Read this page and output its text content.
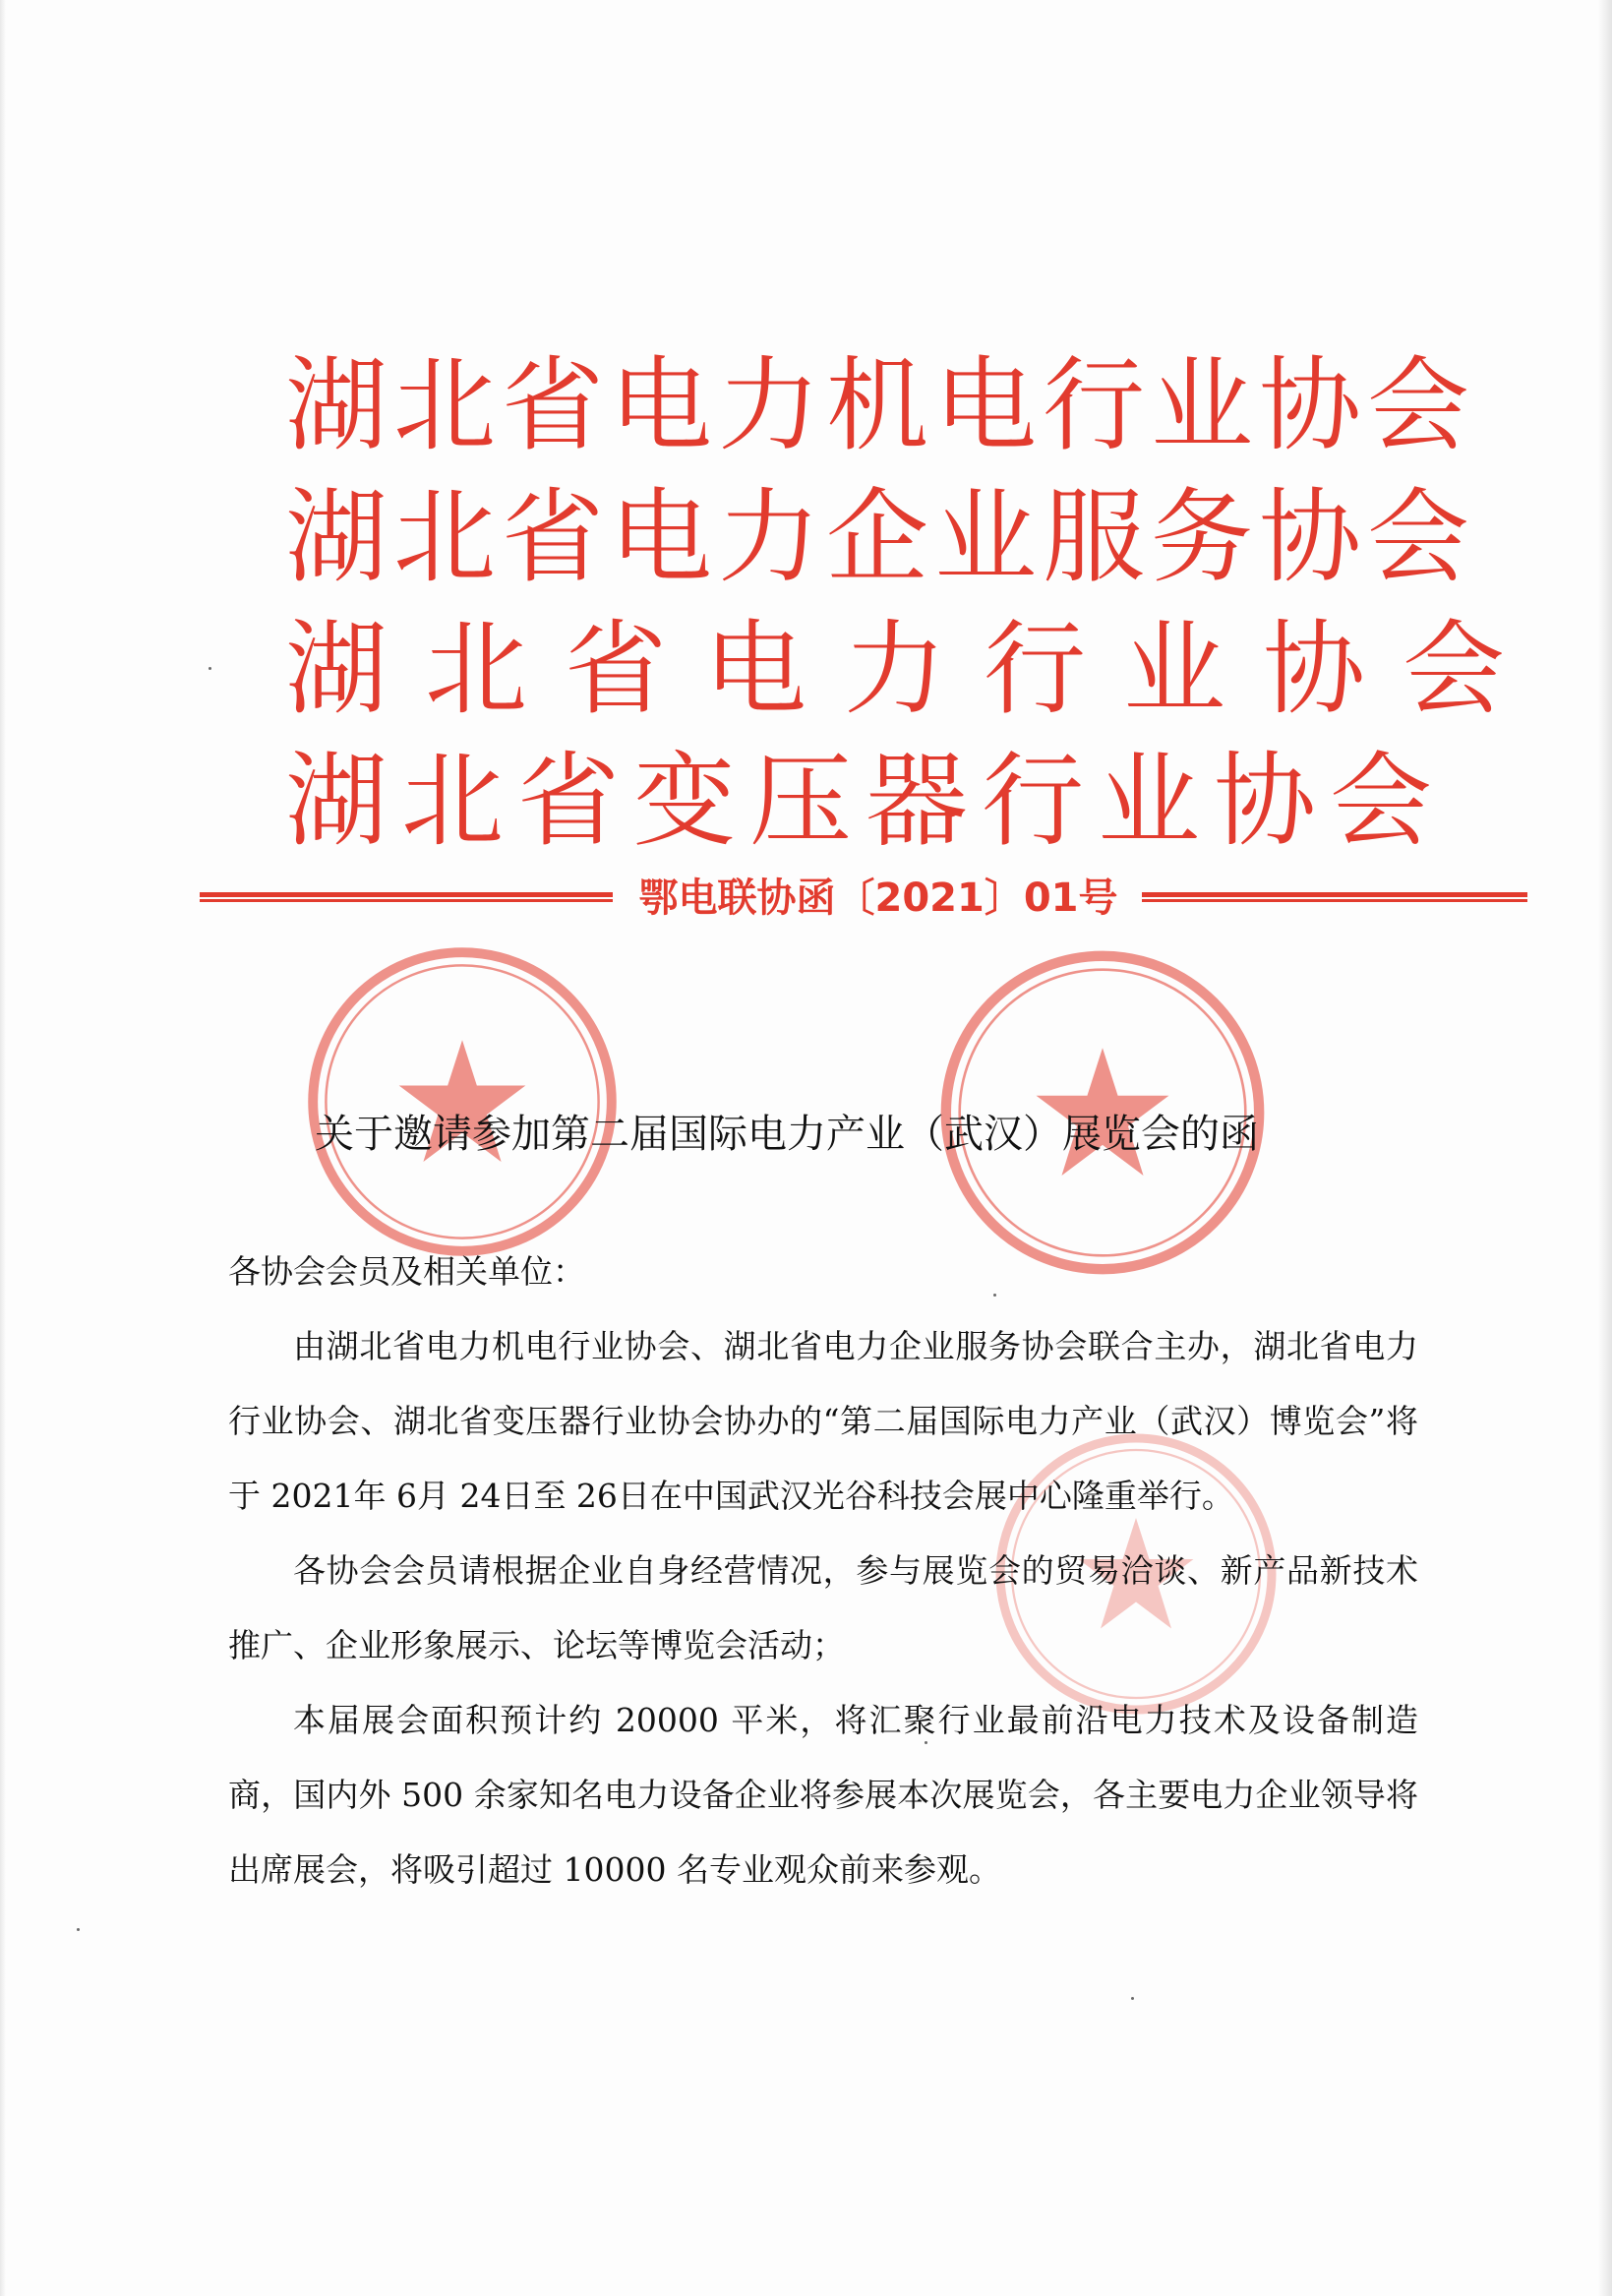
湖北省电力机电行业协会
湖北省电力企业服务协会
湖北省电力行业协会
湖北省变压器行业协会
鄂电联协函〔2021〕01号
关于邀请参加第二届国际电力产业（武汉）展览会的函

各协会会员及相关单位：

由湖北省电力机电行业协会、湖北省电力企业服务协会联合主办，湖北省电力行业协会、湖北省变压器行业协会协办的“第二届国际电力产业（武汉）博览会”将于 2021年 6月 24日至 26日在中国武汉光谷科技会展中心隆重举行。

各协会会员请根据企业自身经营情况，参与展览会的贸易洽谈、新产品新技术推广、企业形象展示、论坛等博览会活动；

本届展会面积预计约 20000 平米，将汇聚行业最前沿电力技术及设备制造商，国内外 500 余家知名电力设备企业将参展本次展览会，各主要电力企业领导将出席展会，将吸引超过 10000 名专业观众前来参观。
